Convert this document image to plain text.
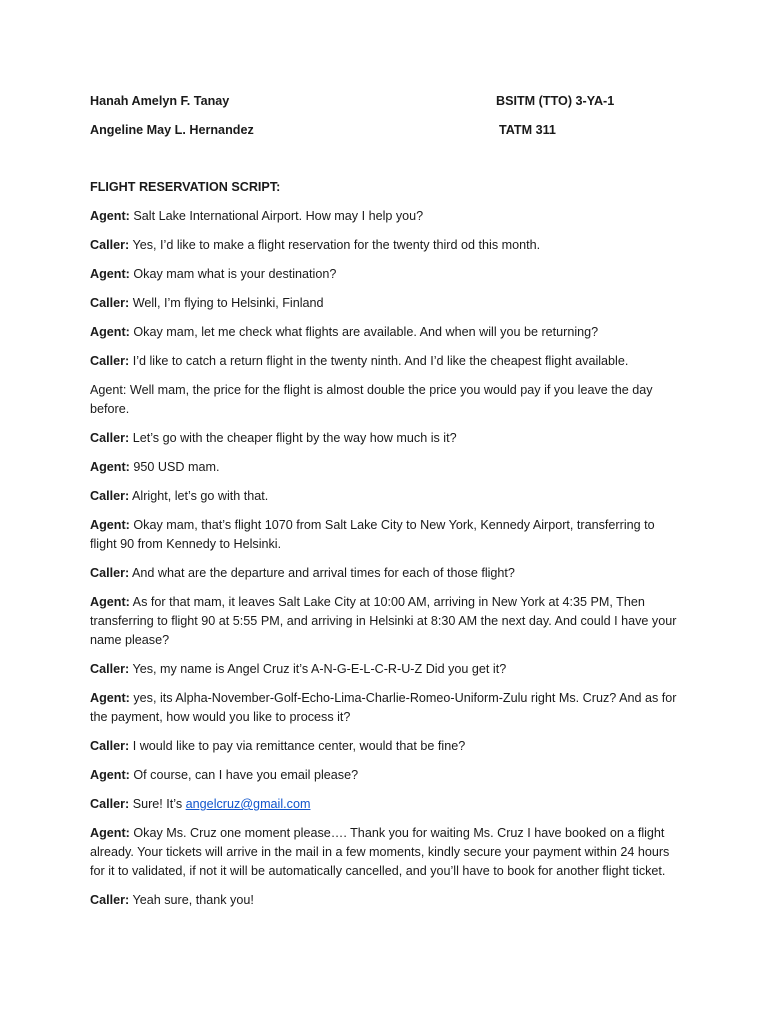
Hanah Amelyn F. Tanay	BSITM (TTO) 3-YA-1
Angeline May L. Hernandez	TATM 311
FLIGHT RESERVATION SCRIPT:
Agent: Salt Lake International Airport. How may I help you?
Caller: Yes, I’d like to make a flight reservation for the twenty third od this month.
Agent: Okay mam what is your destination?
Caller: Well, I’m flying to Helsinki, Finland
Agent: Okay mam, let me check what flights are available. And when will you be returning?
Caller: I’d like to catch a return flight in the twenty ninth. And I’d like the cheapest flight available.
Agent: Well mam, the price for the flight is almost double the price you would pay if you leave the day before.
Caller: Let’s go with the cheaper flight by the way how much is it?
Agent: 950 USD mam.
Caller: Alright, let’s go with that.
Agent: Okay mam, that’s flight 1070 from Salt Lake City to New York, Kennedy Airport, transferring to flight 90 from Kennedy to Helsinki.
Caller: And what are the departure and arrival times for each of those flight?
Agent: As for that mam, it leaves Salt Lake City at 10:00 AM, arriving in New York at 4:35 PM, Then transferring to flight 90 at 5:55 PM, and arriving in Helsinki at 8:30 AM the next day. And could I have your name please?
Caller: Yes, my name is Angel Cruz it’s A-N-G-E-L-C-R-U-Z Did you get it?
Agent: yes, its Alpha-November-Golf-Echo-Lima-Charlie-Romeo-Uniform-Zulu right Ms. Cruz? And as for the payment, how would you like to process it?
Caller: I would like to pay via remittance center, would that be fine?
Agent: Of course, can I have you email please?
Caller: Sure! It’s angelcruz@gmail.com
Agent: Okay Ms. Cruz one moment please…. Thank you for waiting Ms. Cruz I have booked on a flight already. Your tickets will arrive in the mail in a few moments, kindly secure your payment within 24 hours for it to validated, if not it will be automatically cancelled, and you’ll have to book for another flight ticket.
Caller: Yeah sure, thank you!
